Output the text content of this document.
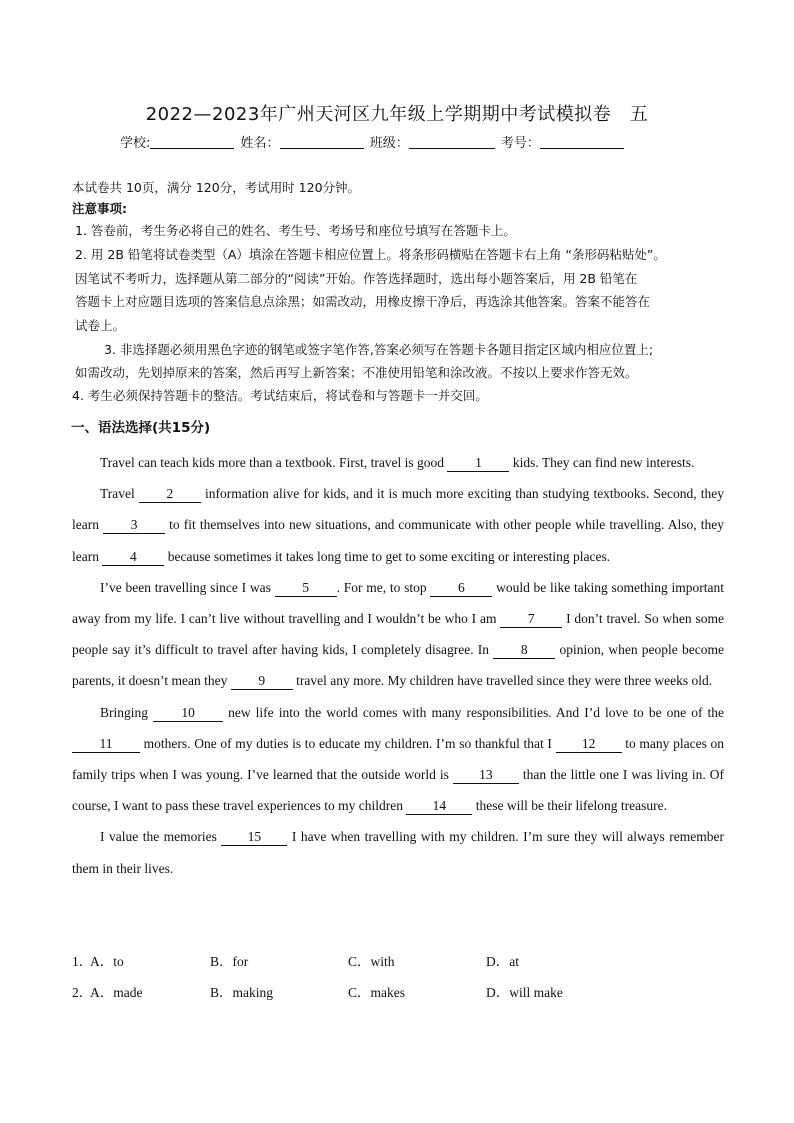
2022—2023年广州天河区九年级上学期期中考试模拟卷　五
学校:	姓名：	班级：	考号：
本试卷共 10页，满分 120分，考试用时 120分钟。
注意事项:
1. 答卷前，考生务必将自己的姓名、考生号、考场号和座位号填写在答题卡上。
2. 用 2B 铅笔将试卷类型（A）填涂在答题卡相应位置上。将条形码横贴在答题卡右上角 “条形码粘贴处”。
因笔试不考听力，选择题从第二部分的“阅读”开始。作答选择题时，选出每小题答案后，用 2B 铅笔在
答题卡上对应题目选项的答案信息点涂黑；如需改动，用橡皮擦干净后，再选涂其他答案。答案不能答在
试卷上。
3. 非选择题必须用黑色字迹的钢笔或签字笔作答,答案必须写在答题卡各题目指定区域内相应位置上;
如需改动，先划掉原来的答案，然后再写上新答案；不准使用铅笔和涂改液。不按以上要求作答无效。
4. 考生必须保持答题卡的整洁。考试结束后，将试卷和与答题卡一并交回。
一、语法选择(共15分)

Travel can teach kids more than a textbook. First, travel is good 1 kids. They can find new interests.

Travel 2 information alive for kids, and it is much more exciting than studying textbooks. Second, they learn 3 to fit themselves into new situations, and communicate with other people while travelling. Also, they learn 4 because sometimes it takes long time to get to some exciting or interesting places.

I’ve been travelling since I was 5 . For me, to stop 6 would be like taking something important away from my life. I can’t live without travelling and I wouldn’t be who I am 7 I don’t travel. So when some people say it’s difficult to travel after having kids, I completely disagree. In 8 opinion, when people become parents, it doesn’t mean they 9 travel any more. My children have travelled since they were three weeks old.

Bringing 10 new life into the world comes with many responsibilities. And I’d love to be one of the 11 mothers. One of my duties is to educate my children. I’m so thankful that I 12 to many places on family trips when I was young. I’ve learned that the outside world is 13 than the little one I was living in. Of course, I want to pass these travel experiences to my children 14 these will be their lifelong treasure.

I value the memories 15 I have when travelling with my children. I’m sure they will always remember them in their lives.

1．
A．to	B．for	C．with	D．at
2．
A．made	B．making	C．makes	D．will make
